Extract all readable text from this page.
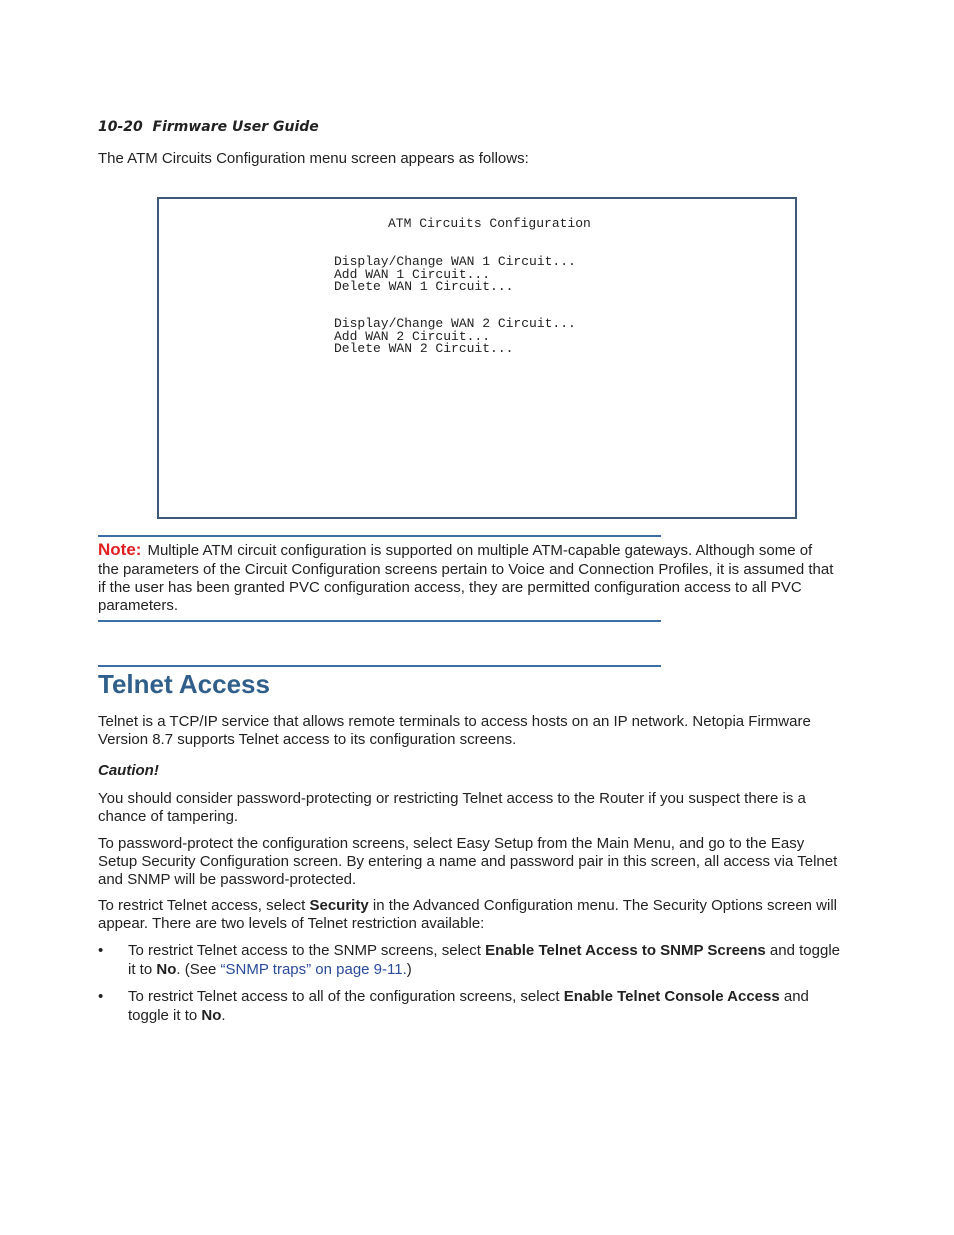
10-20  Firmware User Guide
The ATM Circuits Configuration menu screen appears as follows:
ATM Circuits Configuration
Display/Change WAN 1 Circuit...
Add WAN 1 Circuit...
Delete WAN 1 Circuit...
Display/Change WAN 2 Circuit...
Add WAN 2 Circuit...
Delete WAN 2 Circuit...
Note: Multiple ATM circuit configuration is supported on multiple ATM-capable gateways. Although some of
the parameters of the Circuit Configuration screens pertain to Voice and Connection Profiles, it is assumed that
if the user has been granted PVC configuration access, they are permitted configuration access to all PVC
parameters.
Telnet Access
Telnet is a TCP/IP service that allows remote terminals to access hosts on an IP network. Netopia Firmware
Version 8.7 supports Telnet access to its configuration screens.
Caution!
You should consider password-protecting or restricting Telnet access to the Router if you suspect there is a
chance of tampering.
To password-protect the configuration screens, select Easy Setup from the Main Menu, and go to the Easy
Setup Security Configuration screen. By entering a name and password pair in this screen, all access via Telnet
and SNMP will be password-protected.
To restrict Telnet access, select Security in the Advanced Configuration menu. The Security Options screen will
appear. There are two levels of Telnet restriction available:
• To restrict Telnet access to the SNMP screens, select Enable Telnet Access to SNMP Screens and toggle
it to No. (See “SNMP traps” on page 9-11.)
• To restrict Telnet access to all of the configuration screens, select Enable Telnet Console Access and
toggle it to No.
